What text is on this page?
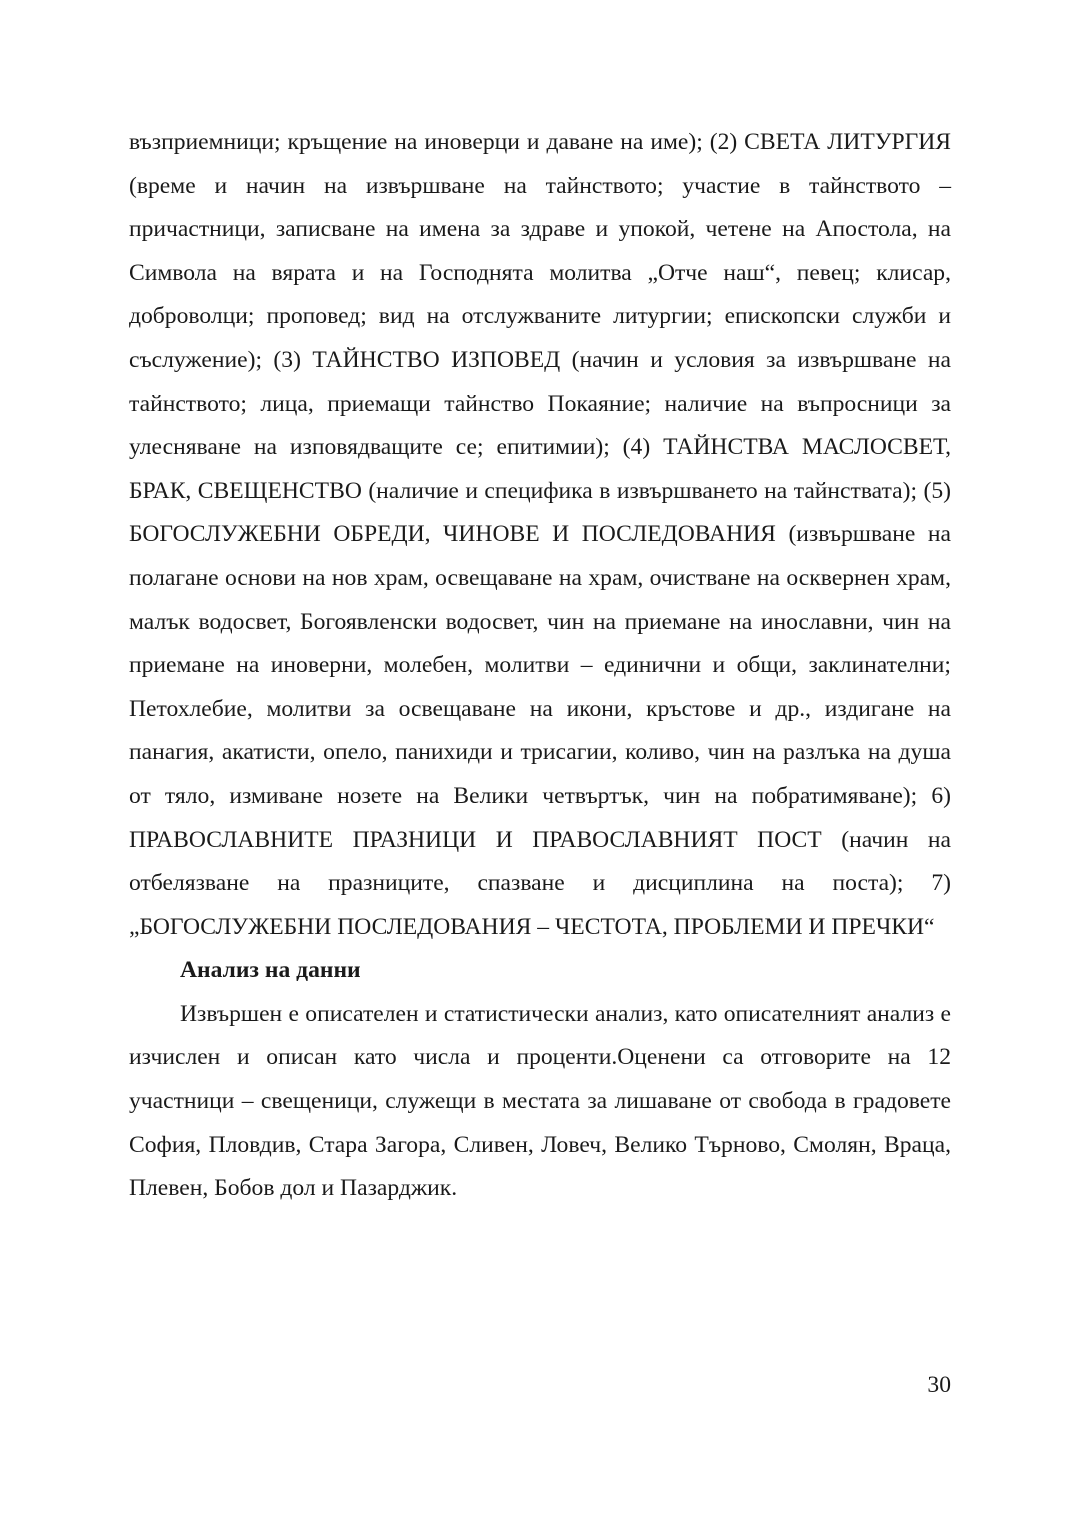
възприемници; кръщение на иноверци и даване на име); (2) СВЕТА ЛИТУРГИЯ (време и начин на извършване на тайнството; участие в тайнството – причастници, записване на имена за здраве и упокой, четене на Апостола, на Символа на вярата и на Господнята молитва „Отче наш“, певец; клисар, доброволци; проповед; вид на отслужваните литургии; епископски служби и съслужение); (3) ТАЙНСТВО ИЗПОВЕД (начин и условия за извършване на тайнството; лица, приемащи тайнство Покаяние; наличие на въпросници за улесняване на изповядващите се; епитимии); (4) ТАЙНСТВА МАСЛОСВЕТ, БРАК, СВЕЩЕНСТВО (наличие и специфика в извършването на тайнствата); (5) БОГОСЛУЖЕБНИ ОБРЕДИ, ЧИНОВЕ И ПОСЛЕДОВАНИЯ (извършване на полагане основи на нов храм, освещаване на храм, очистване на осквернен храм, малък водосвет, Богоявленски водосвет, чин на приемане на инославни, чин на приемане на иноверни, молебен, молитви – единични и общи, заклинателни; Петохлебие, молитви за освещаване на икони, кръстове и др., издигане на панагия, акатисти, опело, панихиди и трисагии, коливо, чин на разлъка на душа от тяло, измиване нозете на Велики четвъртък, чин на побратимяване); 6) ПРАВОСЛАВНИТЕ ПРАЗНИЦИ И ПРАВОСЛАВНИЯТ ПОСТ (начин на отбелязване на празниците, спазване и дисциплина на поста); 7) „БОГОСЛУЖЕБНИ ПОСЛЕДОВАНИЯ – ЧЕСТОТА, ПРОБЛЕМИ И ПРЕЧКИ“

Анализ на данни

Извършен е описателен и статистически анализ, като описателният анализ е изчислен и описан като числа и проценти.Оценени са отговорите на 12 участници – свещеници, служещи в местата за лишаване от свобода в градовете София, Пловдив, Стара Загора, Сливен, Ловеч, Велико Търново, Смолян, Враца, Плевен, Бобов дол и Пазарджик.

30
